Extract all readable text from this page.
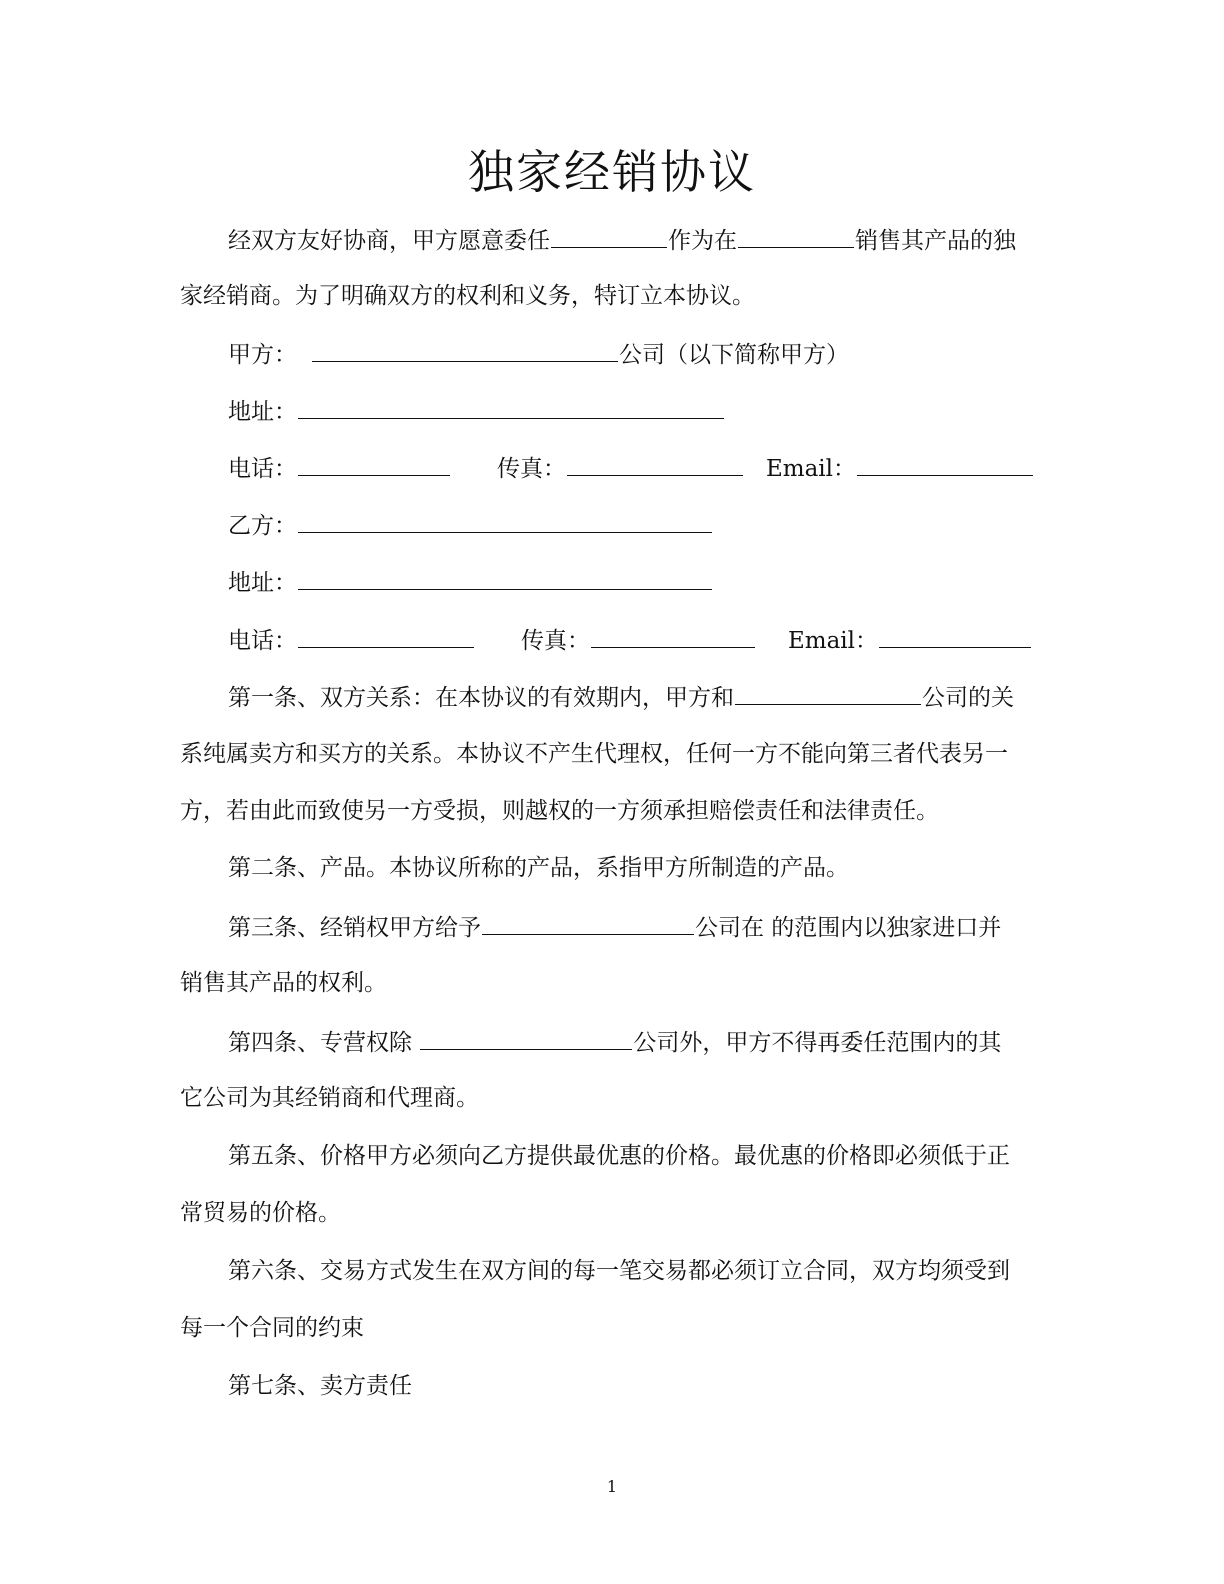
独家经销协议
经双方友好协商，甲方愿意委任	作为在	销售其产品的独
家经销商。为了明确双方的权利和义务，特订立本协议。
甲方：	公司（以下简称甲方）
地址：
电话：	传真：	Email：
乙方：
地址：
电话：	传真：	Email：
第一条、双方关系：在本协议的有效期内，甲方和	公司的关
系纯属卖方和买方的关系。本协议不产生代理权，任何一方不能向第三者代表另一
方，若由此而致使另一方受损，则越权的一方须承担赔偿责任和法律责任。
第二条、产品。本协议所称的产品，系指甲方所制造的产品。
第三条、经销权甲方给予	公司在 的范围内以独家进口并
销售其产品的权利。
第四条、专营权除	公司外，甲方不得再委任范围内的其
它公司为其经销商和代理商。
第五条、价格甲方必须向乙方提供最优惠的价格。最优惠的价格即必须低于正
常贸易的价格。
第六条、交易方式发生在双方间的每一笔交易都必须订立合同，双方均须受到
每一个合同的约束
第七条、卖方责任
1
